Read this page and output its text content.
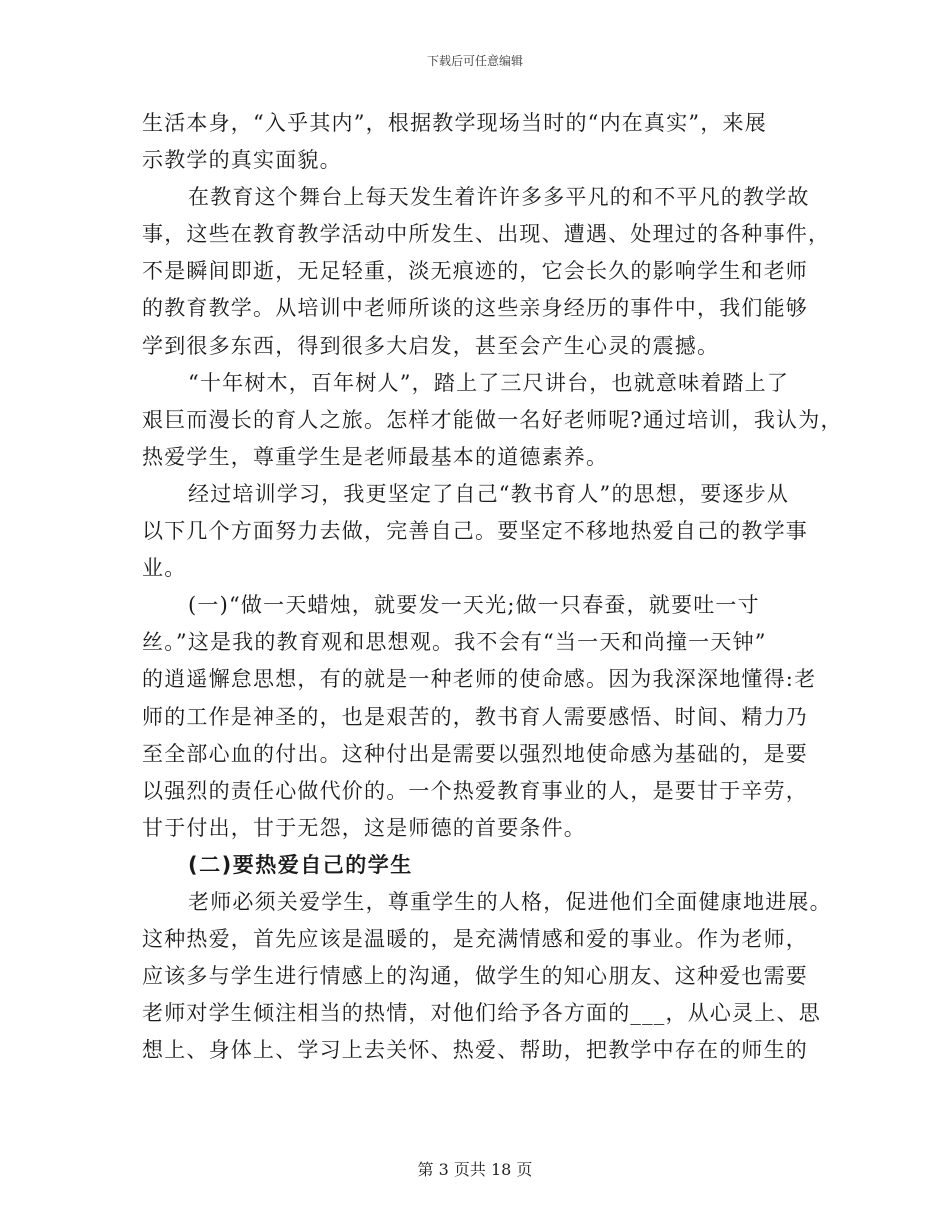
下载后可任意编辑
生活本身，“入乎其内”，根据教学现场当时的“内在真实”，来展
示教学的真实面貌。
在教育这个舞台上每天发生着许许多多平凡的和不平凡的教学故
事，这些在教育教学活动中所发生、出现、遭遇、处理过的各种事件，
不是瞬间即逝，无足轻重，淡无痕迹的，它会长久的影响学生和老师
的教育教学。从培训中老师所谈的这些亲身经历的事件中，我们能够
学到很多东西，得到很多大启发，甚至会产生心灵的震撼。
“十年树木，百年树人”，踏上了三尺讲台，也就意味着踏上了
艰巨而漫长的育人之旅。怎样才能做一名好老师呢?通过培训，我认为，
热爱学生，尊重学生是老师最基本的道德素养。
经过培训学习，我更坚定了自己“教书育人”的思想，要逐步从
以下几个方面努力去做，完善自己。要坚定不移地热爱自己的教学事
业。
(一)“做一天蜡烛，就要发一天光;做一只春蚕，就要吐一寸
丝。”这是我的教育观和思想观。我不会有“当一天和尚撞一天钟”
的逍遥懈怠思想，有的就是一种老师的使命感。因为我深深地懂得:老
师的工作是神圣的，也是艰苦的，教书育人需要感悟、时间、精力乃
至全部心血的付出。这种付出是需要以强烈地使命感为基础的，是要
以强烈的责任心做代价的。一个热爱教育事业的人，是要甘于辛劳，
甘于付出，甘于无怨，这是师德的首要条件。
(二)要热爱自己的学生
老师必须关爱学生，尊重学生的人格，促进他们全面健康地进展。
这种热爱，首先应该是温暖的，是充满情感和爱的事业。作为老师，
应该多与学生进行情感上的沟通，做学生的知心朋友、这种爱也需要
老师对学生倾注相当的热情，对他们给予各方面的___，从心灵上、思
想上、身体上、学习上去关怀、热爱、帮助，把教学中存在的师生的
第 3 页共 18 页
